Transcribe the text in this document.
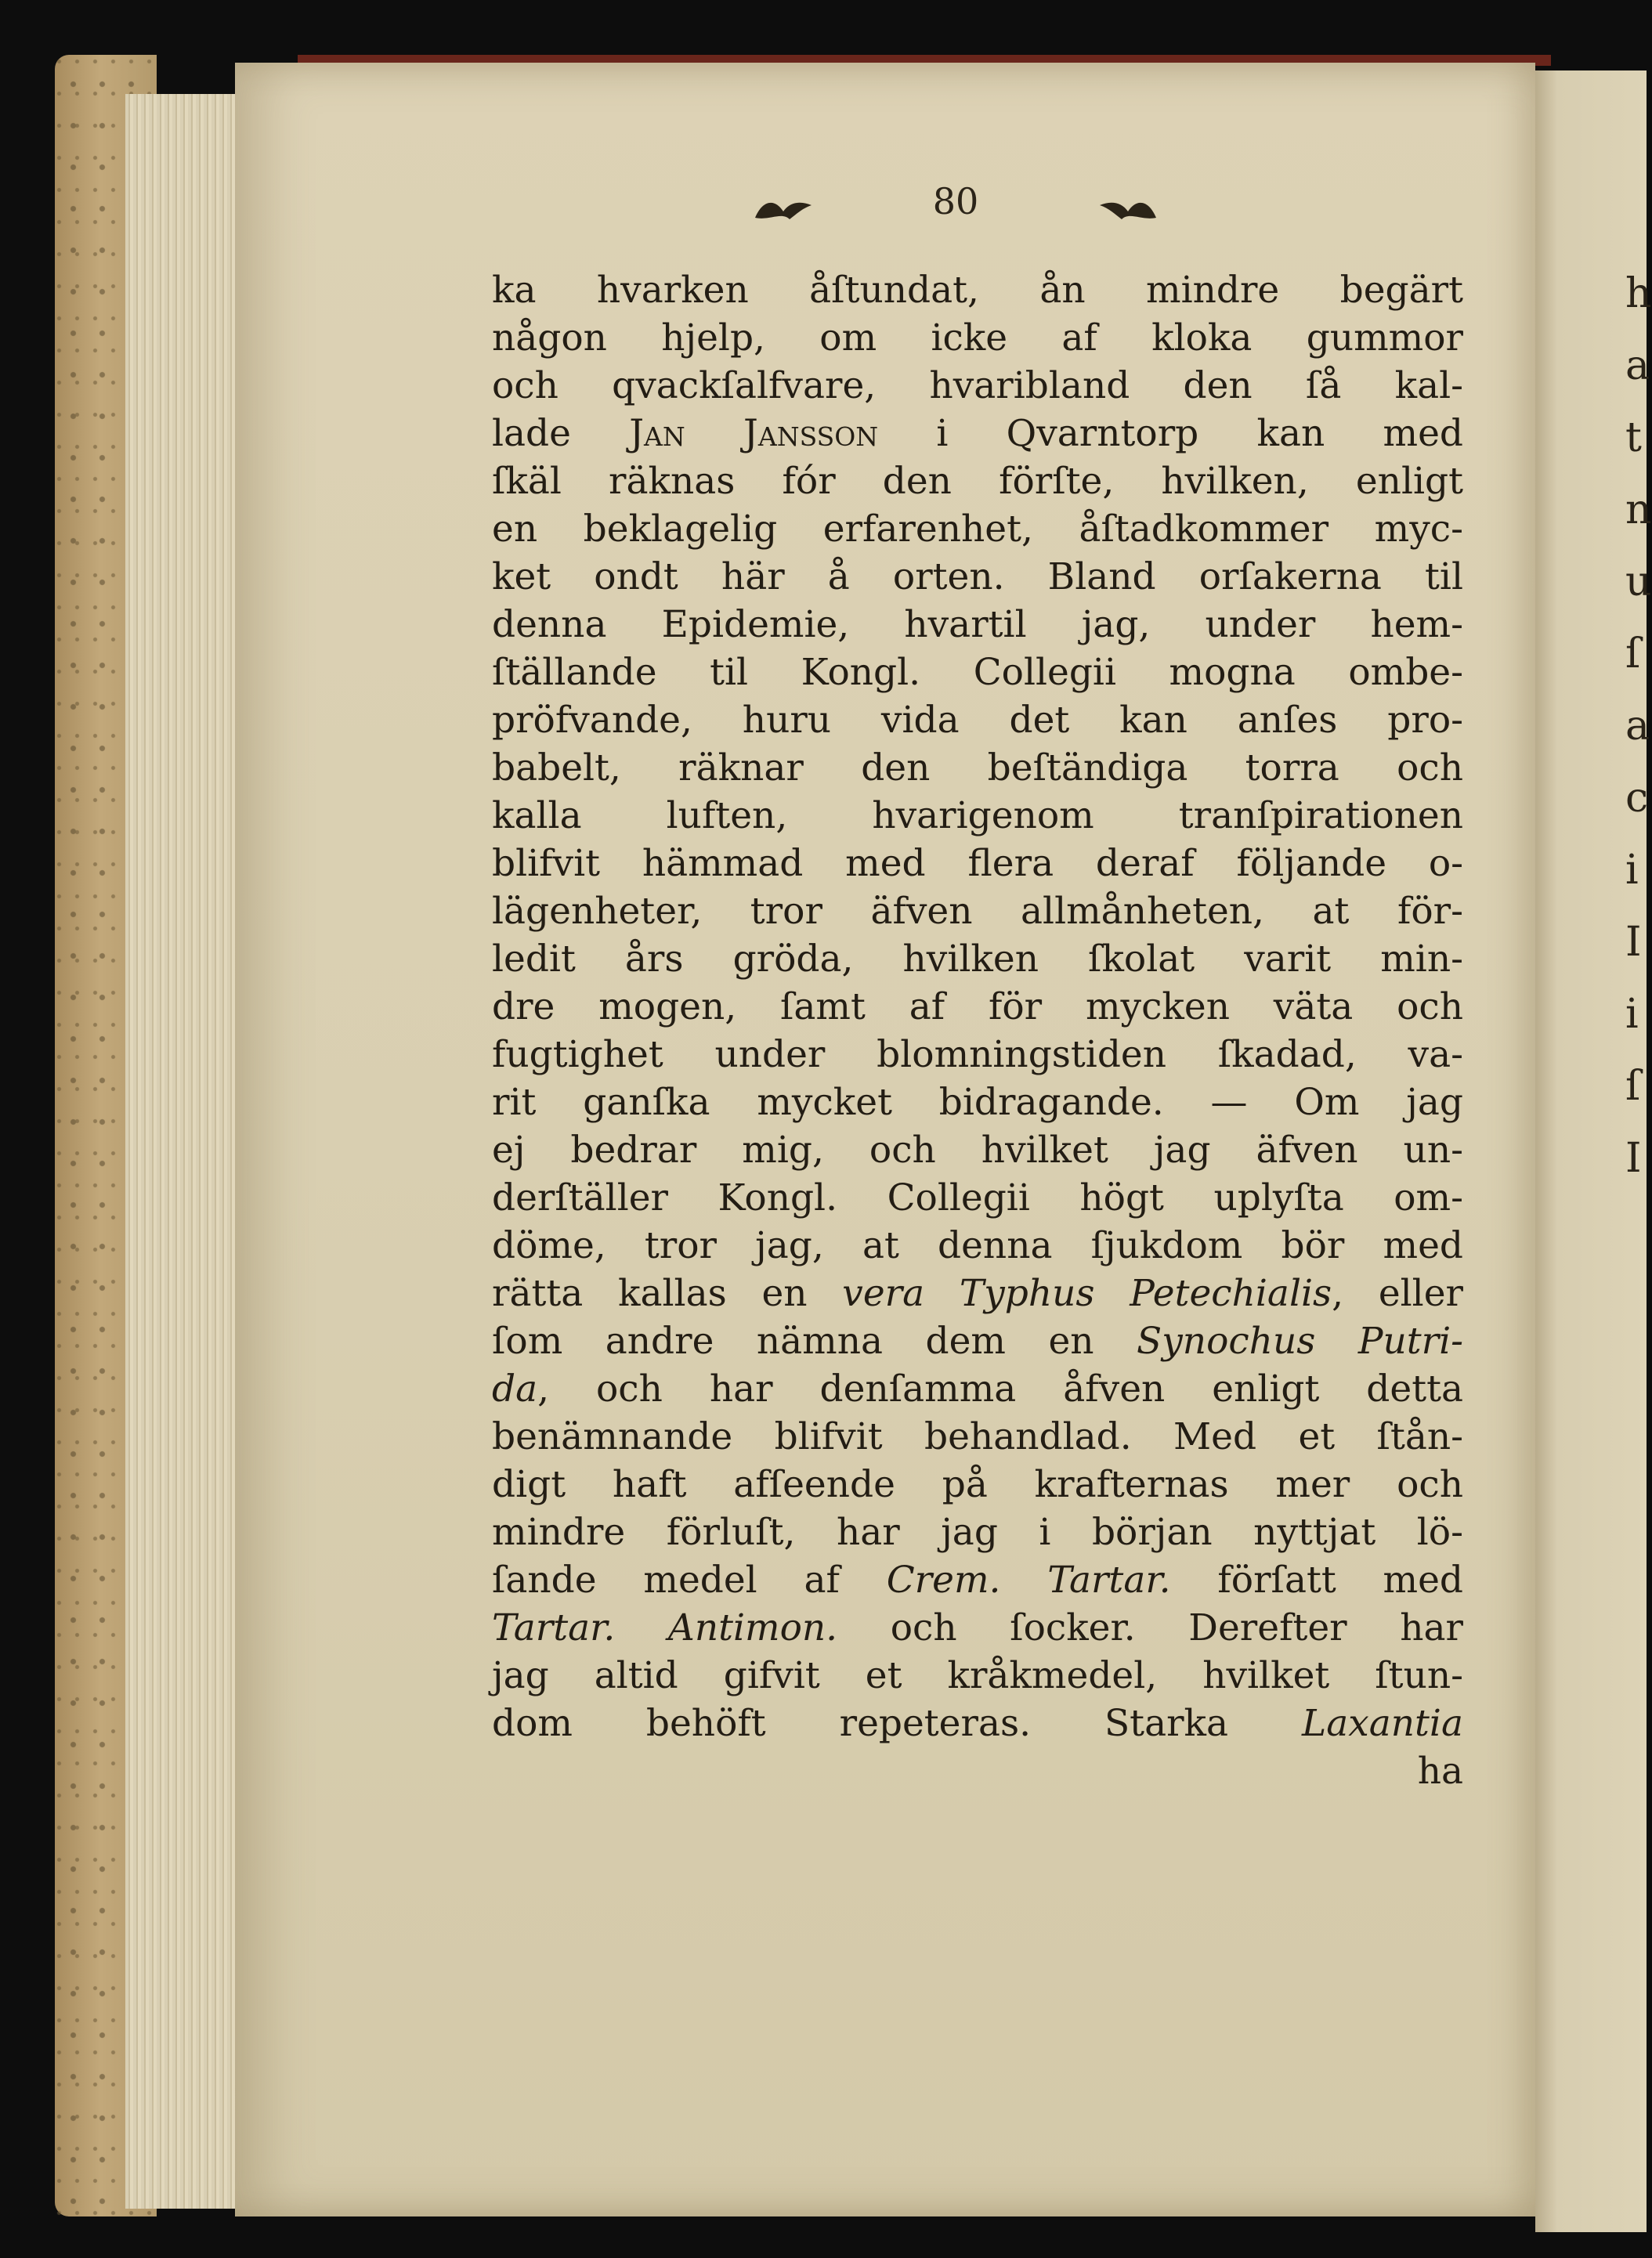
h
a
t
n
u
ſ
a
c
i
I
i
ſ
I
80
ka hvarken åſtundat, ån mindre begärt
någon hjelp, om icke af kloka gummor
och qvackſalfvare, hvaribland den ſå kal-
lade Jan Jansson i Qvarntorp kan med
ſkäl räknas fór den förſte, hvilken, enligt
en beklagelig erfarenhet, åſtadkommer myc-
ket ondt här å orten. Bland orſakerna til
denna Epidemie, hvartil jag, under hem-
ſtällande til Kongl. Collegii mogna ombe-
pröfvande, huru vida det kan anſes pro-
babelt, räknar den beſtändiga torra och
kalla luften, hvarigenom tranſpirationen
blifvit hämmad med flera deraf följande o-
lägenheter, tror äfven allmånheten, at för-
ledit års gröda, hvilken ſkolat varit min-
dre mogen, ſamt af för mycken väta och
fugtighet under blomningstiden ſkadad, va-
rit ganſka mycket bidragande. — Om jag
ej bedrar mig, och hvilket jag äfven un-
derſtäller Kongl. Collegii högt uplyſta om-
döme, tror jag, at denna ſjukdom bör med
rätta kallas en vera Typhus Petechialis, eller
ſom andre nämna dem en Synochus Putri-
da, och har denſamma åfven enligt detta
benämnande blifvit behandlad. Med et ſtån-
digt haft afſeende på krafternas mer och
mindre förluſt, har jag i början nyttjat lö-
ſande medel af Crem. Tartar. förſatt med
Tartar. Antimon. och ſocker. Derefter har
jag altid gifvit et kråkmedel, hvilket ſtun-
dom behöft repeteras. Starka Laxantia
ha
